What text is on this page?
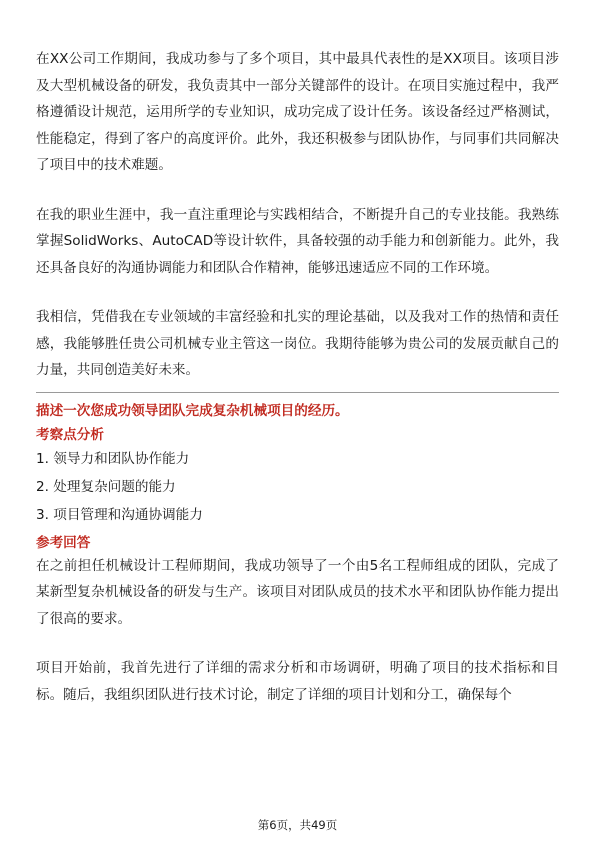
在XX公司工作期间，我成功参与了多个项目，其中最具代表性的是XX项目。该项目涉及大型机械设备的研发，我负责其中一部分关键部件的设计。在项目实施过程中，我严格遵循设计规范，运用所学的专业知识，成功完成了设计任务。该设备经过严格测试，性能稳定，得到了客户的高度评价。此外，我还积极参与团队协作，与同事们共同解决了项目中的技术难题。

在我的职业生涯中，我一直注重理论与实践相结合，不断提升自己的专业技能。我熟练掌握SolidWorks、AutoCAD等设计软件，具备较强的动手能力和创新能力。此外，我还具备良好的沟通协调能力和团队合作精神，能够迅速适应不同的工作环境。

我相信，凭借我在专业领域的丰富经验和扎实的理论基础，以及我对工作的热情和责任感，我能够胜任贵公司机械专业主管这一岗位。我期待能够为贵公司的发展贡献自己的力量，共同创造美好未来。

描述一次您成功领导团队完成复杂机械项目的经历。

考察点分析

1. 领导力和团队协作能力
2. 处理复杂问题的能力
3. 项目管理和沟通协调能力

参考回答

在之前担任机械设计工程师期间，我成功领导了一个由5名工程师组成的团队，完成了某新型复杂机械设备的研发与生产。该项目对团队成员的技术水平和团队协作能力提出了很高的要求。

项目开始前，我首先进行了详细的需求分析和市场调研，明确了项目的技术指标和目标。随后，我组织团队进行技术讨论，制定了详细的项目计划和分工，确保每个

第6页，共49页
